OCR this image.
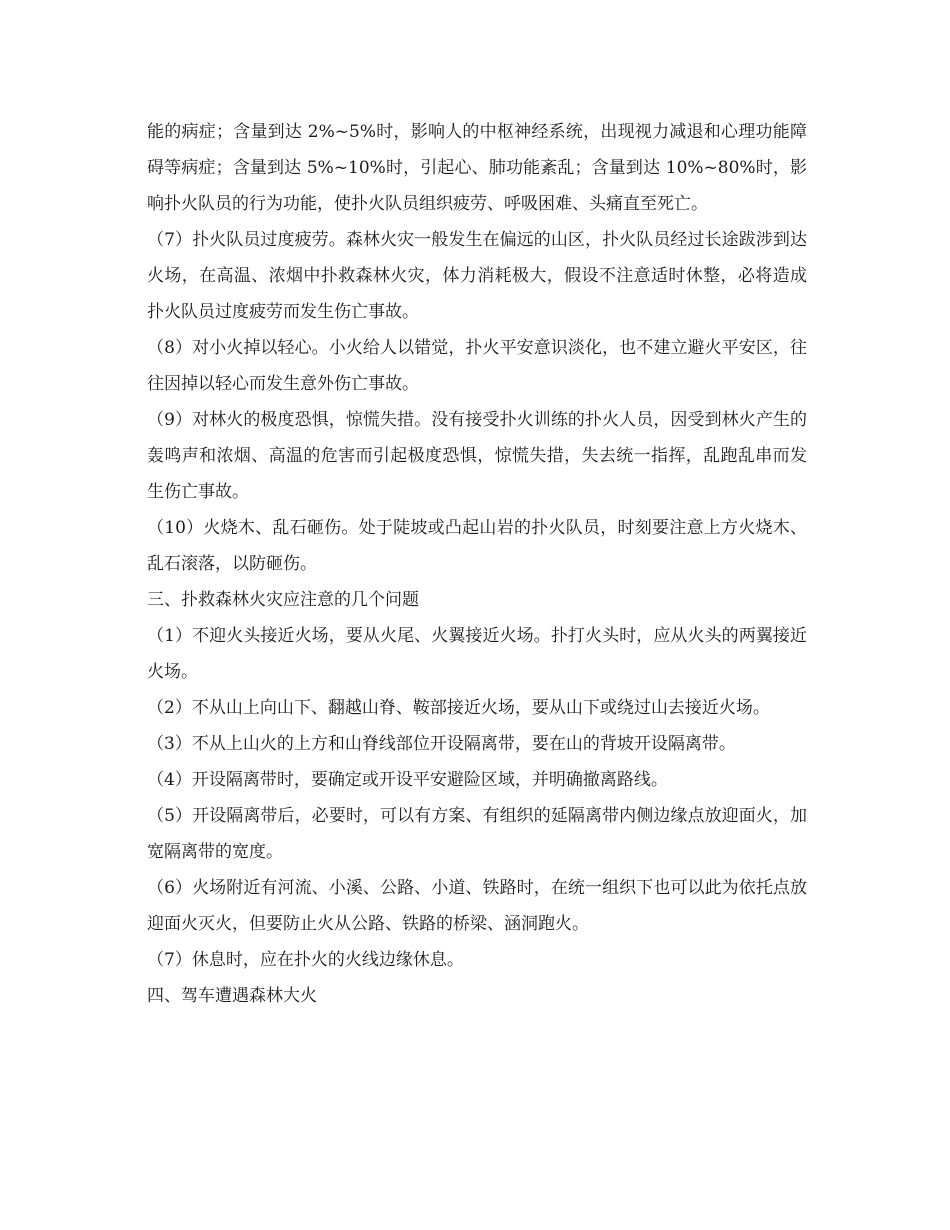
能的病症；含量到达 2%~5%时，影响人的中枢神经系统，出现视力减退和心理功能障碍等病症；含量到达 5%~10%时，引起心、肺功能紊乱；含量到达 10%~80%时，影响扑火队员的行为功能，使扑火队员组织疲劳、呼吸困难、头痛直至死亡。

（7）扑火队员过度疲劳。森林火灾一般发生在偏远的山区，扑火队员经过长途跋涉到达火场，在高温、浓烟中扑救森林火灾，体力消耗极大，假设不注意适时休整，必将造成扑火队员过度疲劳而发生伤亡事故。

（8）对小火掉以轻心。小火给人以错觉，扑火平安意识淡化，也不建立避火平安区，往往因掉以轻心而发生意外伤亡事故。

（9）对林火的极度恐惧，惊慌失措。没有接受扑火训练的扑火人员，因受到林火产生的轰鸣声和浓烟、高温的危害而引起极度恐惧，惊慌失措，失去统一指挥，乱跑乱串而发生伤亡事故。

（10）火烧木、乱石砸伤。处于陡坡或凸起山岩的扑火队员，时刻要注意上方火烧木、乱石滚落，以防砸伤。

三、扑救森林火灾应注意的几个问题

（1）不迎火头接近火场，要从火尾、火翼接近火场。扑打火头时，应从火头的两翼接近火场。

（2）不从山上向山下、翻越山脊、鞍部接近火场，要从山下或绕过山去接近火场。

（3）不从上山火的上方和山脊线部位开设隔离带，要在山的背坡开设隔离带。

（4）开设隔离带时，要确定或开设平安避险区域，并明确撤离路线。

（5）开设隔离带后，必要时，可以有方案、有组织的延隔离带内侧边缘点放迎面火，加宽隔离带的宽度。

（6）火场附近有河流、小溪、公路、小道、铁路时，在统一组织下也可以此为依托点放迎面火灭火，但要防止火从公路、铁路的桥梁、涵洞跑火。

（7）休息时，应在扑火的火线边缘休息。

四、驾车遭遇森林大火
